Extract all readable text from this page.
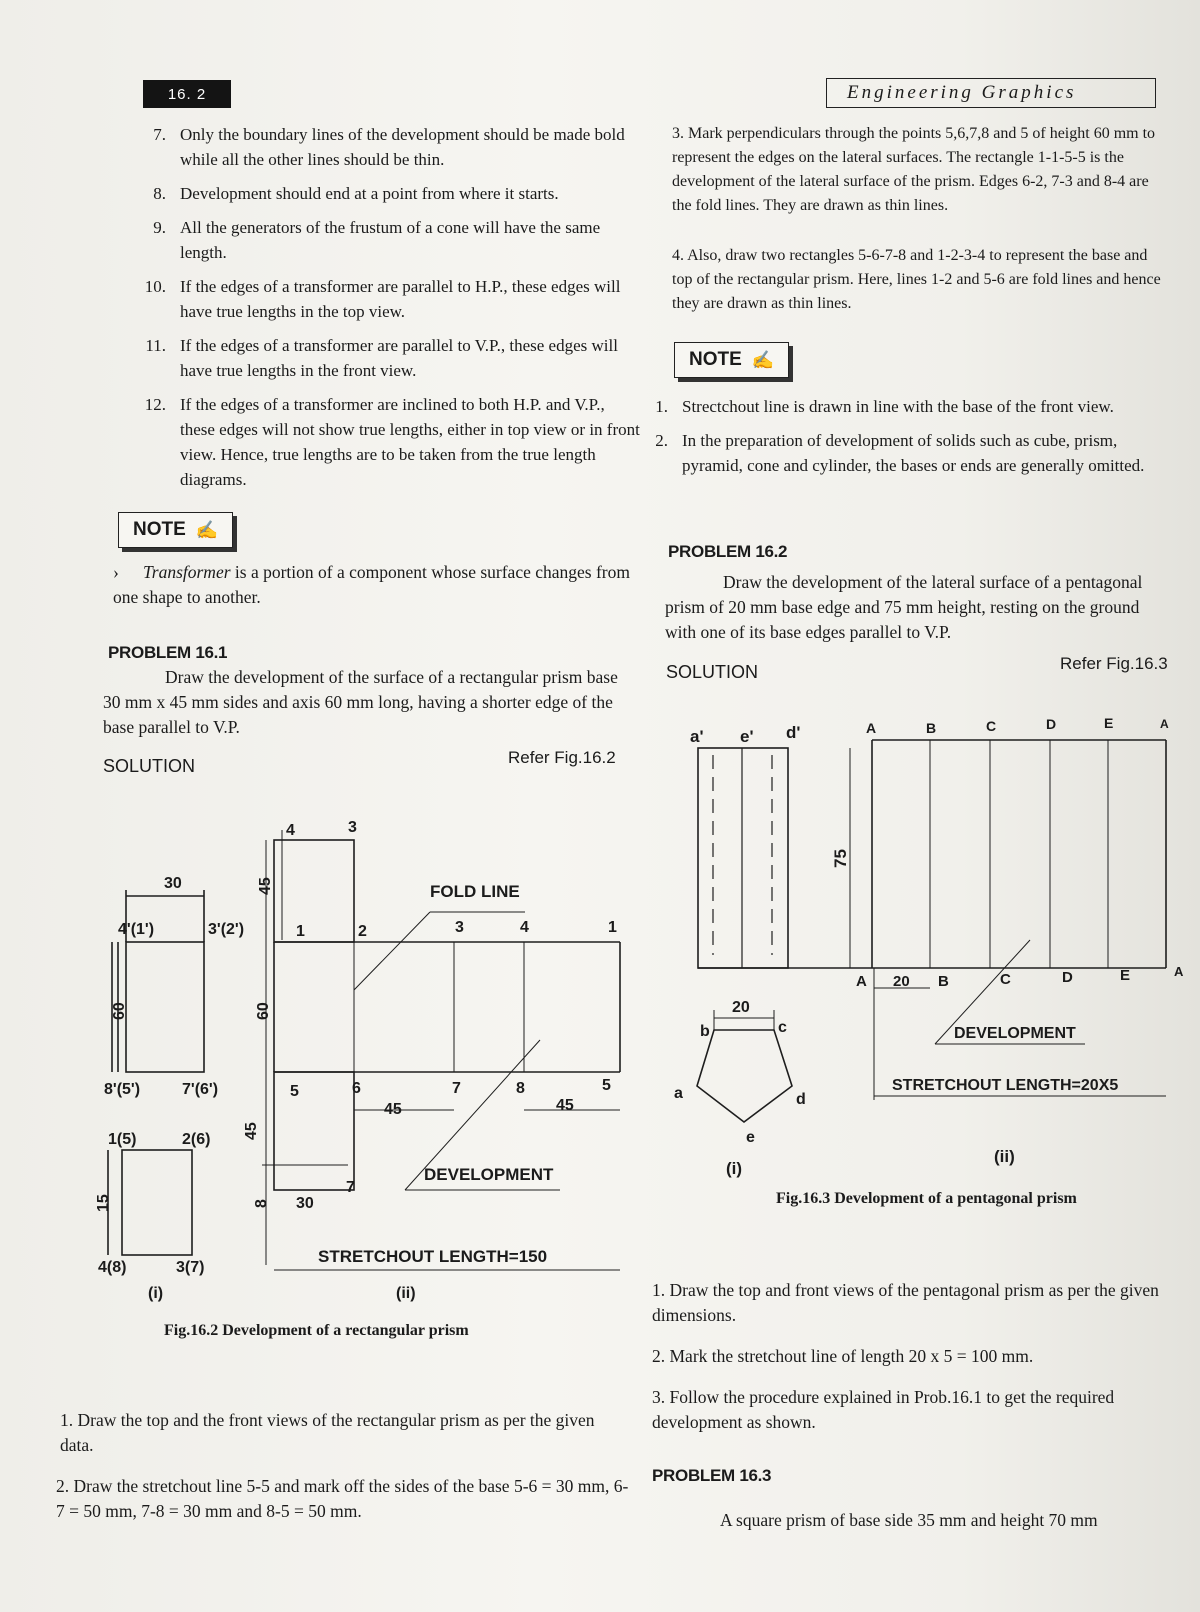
16. 2	Engineering Graphics
7. Only the boundary lines of the development should be made bold while all the other lines should be thin.
8. Development should end at a point from where it starts.
9. All the generators of the frustum of a cone will have the same length.
10. If the edges of a transformer are parallel to H.P., these edges will have true lengths in the top view.
11. If the edges of a transformer are parallel to V.P., these edges will have true lengths in the front view.
12. If the edges of a transformer are inclined to both H.P. and V.P., these edges will not show true lengths, either in top view or in front view. Hence, true lengths are to be taken from the true length diagrams.
NOTE ✍
› Transformer is a portion of a component whose surface changes from one shape to another.
PROBLEM 16.1
Draw the development of the surface of a rectangular prism base 30 mm x 45 mm sides and axis 60 mm long, having a shorter edge of the base parallel to V.P.
SOLUTION	Refer Fig.16.2
4	3
30	FOLD LINE
4'(1')	3'(2')	1	2	3	4	1
5	6	7	8	5
45	45
8'(5')	7'(6')
1(5)	2(6)
7
30
DEVELOPMENT
STRETCHOUT LENGTH=150
4(8)	3(7)
(i)	(ii)
60	60
45
45
8
15
Fig.16.2 Development of a rectangular prism
1. Draw the top and the front views of the rectangular prism as per the given data.
2. Draw the stretchout line 5-5 and mark off the sides of the base 5-6 = 30 mm, 6-7 = 50 mm, 7-8 = 30 mm and 8-5 = 50 mm.
3. Mark perpendiculars through the points 5,6,7,8 and 5 of height 60 mm to represent the edges on the lateral surfaces. The rectangle 1-1-5-5 is the development of the lateral surface of the prism. Edges 6-2, 7-3 and 8-4 are the fold lines. They are drawn as thin lines.
4. Also, draw two rectangles 5-6-7-8 and 1-2-3-4 to represent the base and top of the rectangular prism. Here, lines 1-2 and 5-6 are fold lines and hence they are drawn as thin lines.
NOTE ✍
1. Strectchout line is drawn in line with the base of the front view.
2. In the preparation of development of solids such as cube, prism, pyramid, cone and cylinder, the bases or ends are generally omitted.
PROBLEM 16.2
Draw the development of the lateral surface of a pentagonal prism of 20 mm base edge and 75 mm height, resting on the ground with one of its base edges parallel to V.P.
SOLUTION	Refer Fig.16.3
a' e' d'	A	B	C	D	E	A
75
A 20 B	C	D	E	A
20
b	c
a	d
e
DEVELOPMENT
STRETCHOUT LENGTH=20X5
(i)
(ii)
Fig.16.3 Development of a pentagonal prism
1. Draw the top and front views of the pentagonal prism as per the given dimensions.
2. Mark the stretchout line of length 20 x 5 = 100 mm.
3. Follow the procedure explained in Prob.16.1 to get the required development as shown.
PROBLEM 16.3
A square prism of base side 35 mm and height 70 mm
